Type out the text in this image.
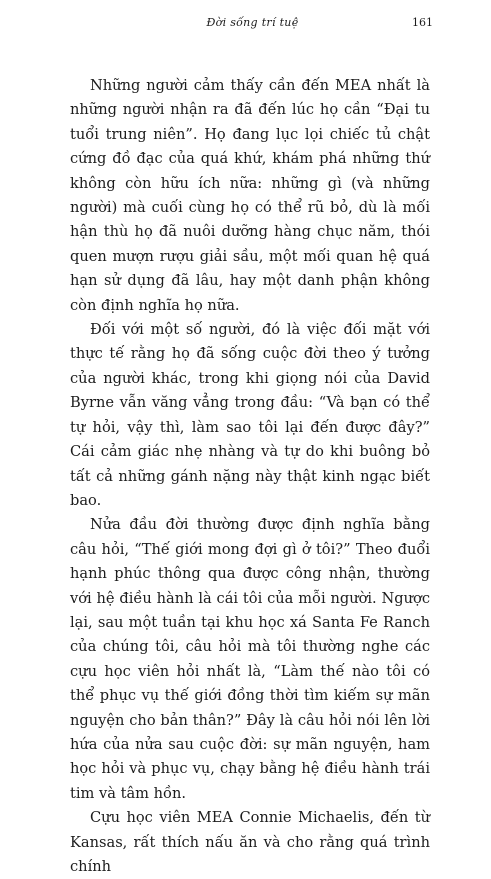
Đời sống trí tuệ	161

Những người cảm thấy cần đến MEA nhất là những người nhận ra đã đến lúc họ cần “Đại tu tuổi trung niên”. Họ đang lục lọi chiếc tủ chật cứng đồ đạc của quá khứ, khám phá những thứ không còn hữu ích nữa: những gì (và những người) mà cuối cùng họ có thể rũ bỏ, dù là mối hận thù họ đã nuôi dưỡng hàng chục năm, thói quen mượn rượu giải sầu, một mối quan hệ quá hạn sử dụng đã lâu, hay một danh phận không còn định nghĩa họ nữa.

Đối với một số người, đó là việc đối mặt với thực tế rằng họ đã sống cuộc đời theo ý tưởng của người khác, trong khi giọng nói của David Byrne vẫn văng vẳng trong đầu: “Và bạn có thể tự hỏi, vậy thì, làm sao tôi lại đến được đây?” Cái cảm giác nhẹ nhàng và tự do khi buông bỏ tất cả những gánh nặng này thật kinh ngạc biết bao.

Nửa đầu đời thường được định nghĩa bằng câu hỏi, “Thế giới mong đợi gì ở tôi?” Theo đuổi hạnh phúc thông qua được công nhận, thường với hệ điều hành là cái tôi của mỗi người. Ngược lại, sau một tuần tại khu học xá Santa Fe Ranch của chúng tôi, câu hỏi mà tôi thường nghe các cựu học viên hỏi nhất là, “Làm thế nào tôi có thể phục vụ thế giới đồng thời tìm kiếm sự mãn nguyện cho bản thân?” Đây là câu hỏi nói lên lời hứa của nửa sau cuộc đời: sự mãn nguyện, ham học hỏi và phục vụ, chạy bằng hệ điều hành trái tim và tâm hồn.

Cựu học viên MEA Connie Michaelis, đến từ Kansas, rất thích nấu ăn và cho rằng quá trình chính
